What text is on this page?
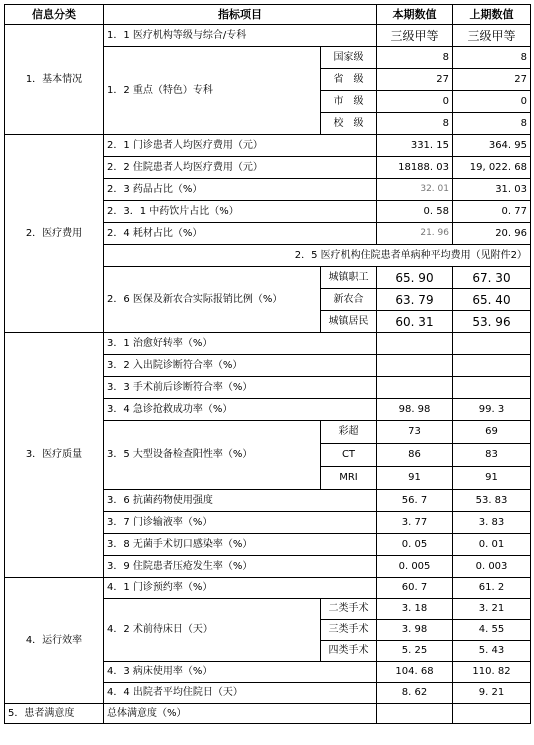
信息分类	指标项目		本期数值	上期数值
1．基本情况	1．1 医疗机构等级与综合/专科		三级甲等	三级甲等
	1．2 重点（特色）专科	国家级	8	8
		省　级	27	27
		市　级	0	0
		校　级	8	8
2．医疗费用	2．1 门诊患者人均医疗费用（元）		331. 15	364. 95
	2．2 住院患者人均医疗费用（元）		18188. 03	19, 022. 68
	2．3 药品占比（%）		32. 01	31. 03
	2．3．1 中药饮片占比（%）		0. 58	0. 77
	2．4 耗材占比（%）		21. 96	20. 96
	2．5 医疗机构住院患者单病种平均费用（见附件2）			
	2．6 医保及新农合实际报销比例（%）	城镇职工	65. 90	67. 30
		新农合	63. 79	65. 40
		城镇居民	60. 31	53. 96
3．医疗质量	3．1 治愈好转率（%）			
	3．2 入出院诊断符合率（%）			
	3．3 手术前后诊断符合率（%）			
	3．4 急诊抢救成功率（%）		98. 98	99. 3
	3．5 大型设备检查阳性率（%）	彩超	73	69
		CT	86	83
		MRI	91	91
	3．6 抗菌药物使用强度		56. 7	53. 83
	3．7 门诊输液率（%）		3. 77	3. 83
	3．8 无菌手术切口感染率（%）		0. 05	0. 01
	3．9 住院患者压疮发生率（%）		0. 005	0. 003
4．运行效率	4．1 门诊预约率（%）		60. 7	61. 2
	4．2 术前待床日（天）	二类手术	3. 18	3. 21
		三类手术	3. 98	4. 55
		四类手术	5. 25	5. 43
	4．3 病床使用率（%）		104. 68	110. 82
	4．4 出院者平均住院日（天）		8. 62	9. 21
5．患者满意度	总体满意度（%）			
